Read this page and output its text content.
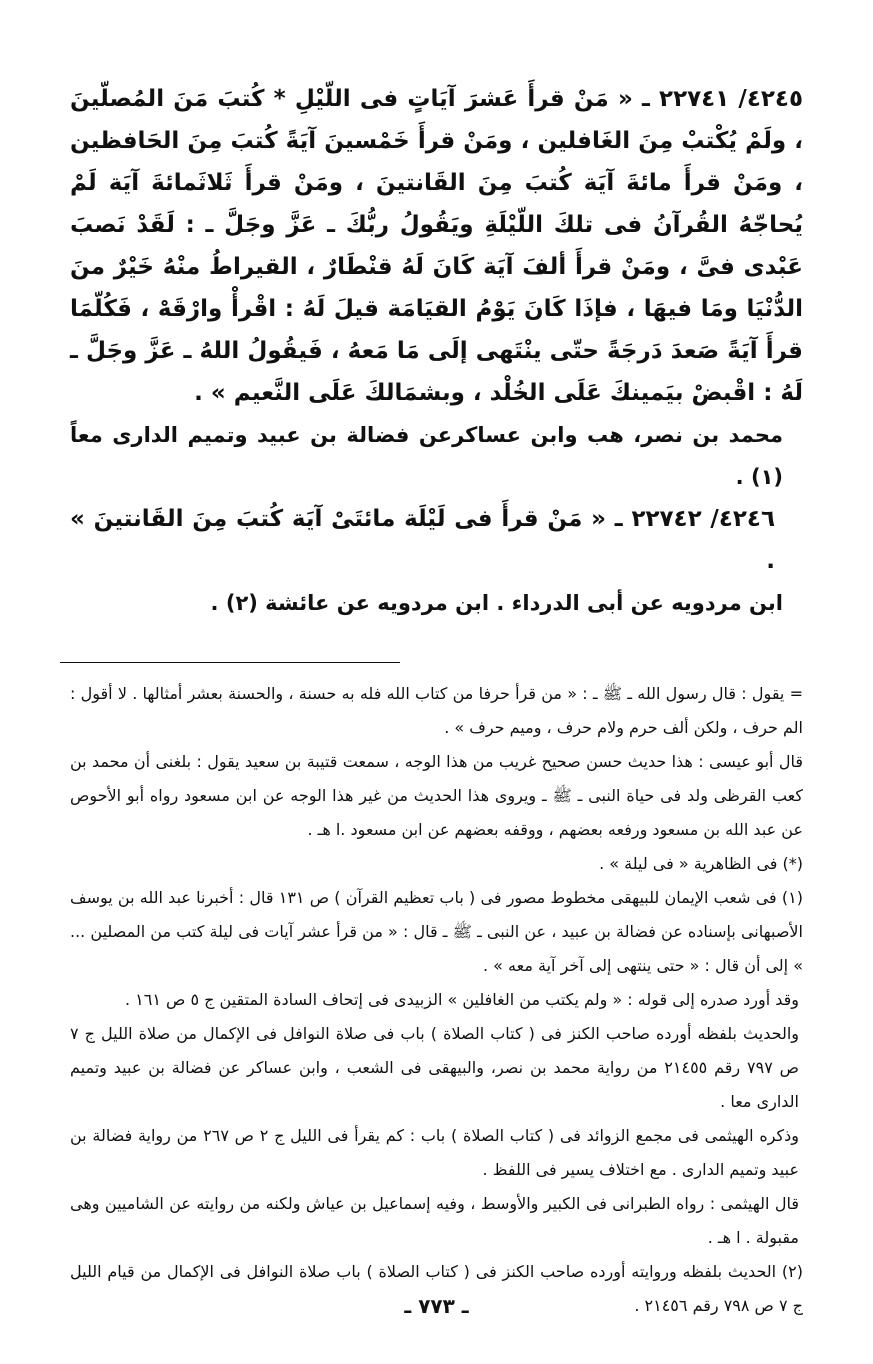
٤٢٤٥/ ٢٢٧٤١ ـ « مَنْ قرأَ عَشرَ آيَاتٍ فى اللّيْلِ * كُتبَ مَنَ المُصلّينَ ، ولَمْ يُكْتبْ مِنَ الغَافلين ، ومَنْ قرأَ خَمْسينَ آيَةً كُتبَ مِنَ الحَافظين ، ومَنْ قرأَ مائةَ آيَة كُتبَ مِنَ القَانتينَ ، ومَنْ قرأَ ثَلاثَمائةَ آيَة لَمْ يُحاجّهُ القُرآنُ فى تلكَ اللّيْلَةِ ويَقُولُ ربُّكَ ـ عَزَّ وجَلَّ ـ : لَقَدْ نَصبَ عَبْدى فىَّ ، ومَنْ قرأَ ألفَ آيَة كَانَ لَهُ قنْطَارٌ ، القيراطُ منْهُ خَيْرٌ منَ الدُّنْيَا ومَا فيهَا ، فإذَا كَانَ يَوْمُ القيَامَة قيلَ لَهُ : اقْرأْ وارْقَهْ ، فَكُلّمَا قرأَ آيَةً صَعدَ دَرجَةً حتّى ينْتَهى إلَى مَا مَعهُ ، فَيقُولُ اللهُ ـ عَزَّ وجَلَّ ـ لَهُ : اقْبضْ بيَمينكَ عَلَى الخُلْد ، وبشمَالكَ عَلَى النَّعيم » .

محمد بن نصر، هب وابن عساكرعن فضالة بن عبيد وتميم الدارى معاً (١) .

٤٢٤٦/ ٢٢٧٤٢ ـ « مَنْ قرأَ فى لَيْلَة مائتَىْ آيَة كُتبَ مِنَ القَانتينَ » .

ابن مردويه عن أبى الدرداء . ابن مردويه عن عائشة (٢) .

= يقول : قال رسول الله ـ ﷺ ـ : « من قرأ حرفا من كتاب الله فله به حسنة ، والحسنة بعشر أمثالها . لا أقول : الم حرف ، ولكن ألف حرم ولام حرف ، وميم حرف » .

قال أبو عيسى : هذا حديث حسن صحيح غريب من هذا الوجه ، سمعت قتيبة بن سعيد يقول : بلغنى أن محمد بن كعب القرظى ولد فى حياة النبى ـ ﷺ ـ ويروى هذا الحديث من غير هذا الوجه عن ابن مسعود رواه أبو الأحوص عن عبد الله بن مسعود ورفعه بعضهم ، ووقفه بعضهم عن ابن مسعود .ا هـ .

(*) فى الظاهرية « فى ليلة » .

(١) فى شعب الإيمان للبيهقى مخطوط مصور فى ( باب تعظيم القرآن ) ص ١٣١ قال : أخبرنا عبد الله بن يوسف الأصبهانى بإسناده عن فضالة بن عبيد ، عن النبى ـ ﷺ ـ قال : « من قرأ عشر آيات فى ليلة كتب من المصلين ... » إلى أن قال : « حتى ينتهى إلى آخر آية معه » .

وقد أورد صدره إلى قوله : « ولم يكتب من الغافلين » الزبيدى فى إتحاف السادة المتقين ج ٥ ص ١٦١ .

والحديث بلفظه أورده صاحب الكنز فى ( كتاب الصلاة ) باب فى صلاة النوافل فى الإكمال من صلاة الليل ج ٧ ص ٧٩٧ رقم ٢١٤٥٥ من رواية محمد بن نصر، والبيهقى فى الشعب ، وابن عساكر عن فضالة بن عبيد وتميم الدارى معا .

وذكره الهيثمى فى مجمع الزوائد فى ( كتاب الصلاة ) باب : كم يقرأ فى الليل ج ٢ ص ٢٦٧ من رواية فضالة بن عبيد وتميم الدارى . مع اختلاف يسير فى اللفظ .

قال الهيثمى : رواه الطبرانى فى الكبير والأوسط ، وفيه إسماعيل بن عياش ولكنه من روايته عن الشاميين وهى مقبولة . ا هـ .

(٢) الحديث بلفظه وروايته أورده صاحب الكنز فى ( كتاب الصلاة ) باب صلاة النوافل فى الإكمال من قيام الليل ج ٧ ص ٧٩٨ رقم ٢١٤٥٦ .

ـ ٧٧٣ ـ
